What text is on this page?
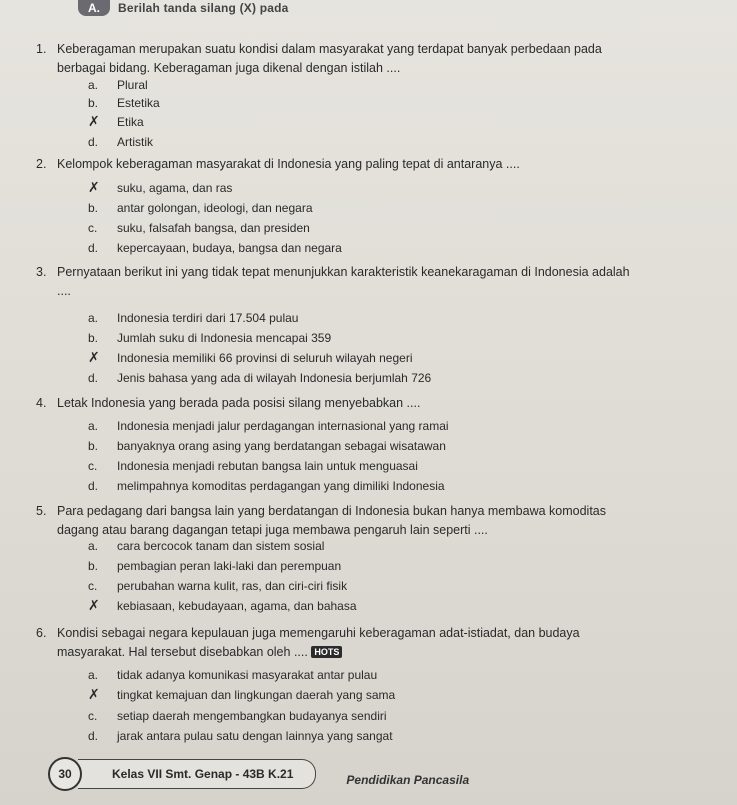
A.	Berilah tanda silang (X) pada
1. Keberagaman merupakan suatu kondisi dalam masyarakat yang terdapat banyak perbedaan pada
berbagai bidang. Keberagaman juga dikenal dengan istilah ....
a. Plural
b. Estetika
✗ Etika
d. Artistik
2. Kelompok keberagaman masyarakat di Indonesia yang paling tepat di antaranya ....
✗ suku, agama, dan ras
b. antar golongan, ideologi, dan negara
c. suku, falsafah bangsa, dan presiden
d. kepercayaan, budaya, bangsa dan negara
3. Pernyataan berikut ini yang tidak tepat menunjukkan karakteristik keanekaragaman di Indonesia adalah
....
a. Indonesia terdiri dari 17.504 pulau
b. Jumlah suku di Indonesia mencapai 359
✗ Indonesia memiliki 66 provinsi di seluruh wilayah negeri
d. Jenis bahasa yang ada di wilayah Indonesia berjumlah 726
4. Letak Indonesia yang berada pada posisi silang menyebabkan ....
a. Indonesia menjadi jalur perdagangan internasional yang ramai
b. banyaknya orang asing yang berdatangan sebagai wisatawan
c. Indonesia menjadi rebutan bangsa lain untuk menguasai
d. melimpahnya komoditas perdagangan yang dimiliki Indonesia
5. Para pedagang dari bangsa lain yang berdatangan di Indonesia bukan hanya membawa komoditas
dagang atau barang dagangan tetapi juga membawa pengaruh lain seperti ....
a. cara bercocok tanam dan sistem sosial
b. pembagian peran laki-laki dan perempuan
c. perubahan warna kulit, ras, dan ciri-ciri fisik
✗ kebiasaan, kebudayaan, agama, dan bahasa
6. Kondisi sebagai negara kepulauan juga memengaruhi keberagaman adat-istiadat, dan budaya
masyarakat. Hal tersebut disebabkan oleh .... HOTS
a. tidak adanya komunikasi masyarakat antar pulau
✗ tingkat kemajuan dan lingkungan daerah yang sama
c. setiap daerah mengembangkan budayanya sendiri
d. jarak antara pulau satu dengan lainnya yang sangat
30	Kelas VII Smt. Genap - 43B K.21	Pendidikan Pancasila
